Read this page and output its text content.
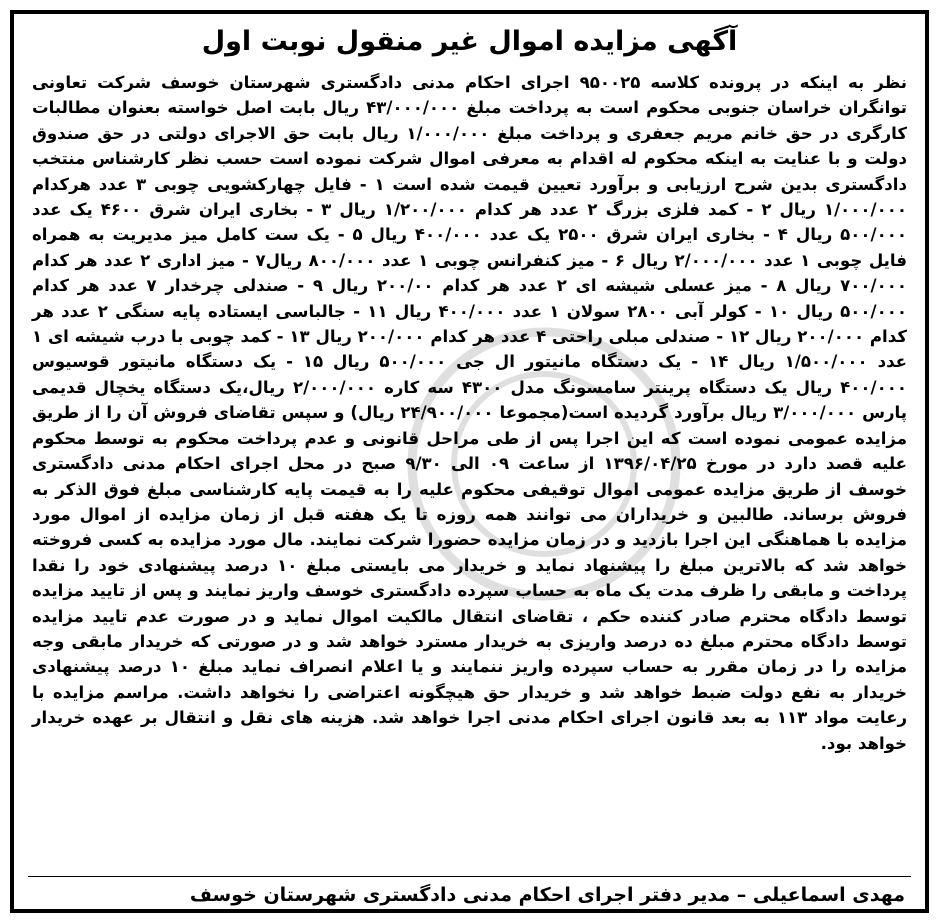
آگهی مزایده اموال غیر منقول نوبت اول
نظر به اینکه در پرونده کلاسه ۹۵۰۰۲۵ اجرای احکام مدنی دادگستری شهرستان خوسف شرکت تعاونی توانگران خراسان جنوبی محکوم است به پرداخت مبلغ ۴۳/۰۰۰/۰۰۰ ریال بابت اصل خواسته بعنوان مطالبات کارگری در حق خانم مریم جعفری و پرداخت مبلغ ۱/۰۰۰/۰۰۰ ریال بابت حق الاجرای دولتی در حق صندوق دولت و با عنایت به اینکه محکوم له اقدام به معرفی اموال شرکت نموده است حسب نظر کارشناس منتخب دادگستری بدین شرح ارزیابی و برآورد تعیین قیمت شده است ۱ - فایل چهارکشویی چوبی ۳ عدد هرکدام ۱/۰۰۰/۰۰۰ ریال ۲ - کمد فلزی بزرگ ۲ عدد هر کدام ۱/۲۰۰/۰۰۰ ریال ۳ - بخاری ایران شرق ۴۶۰۰ یک عدد ۵۰۰/۰۰۰ ریال ۴ - بخاری ایران شرق ۲۵۰۰ یک عدد ۴۰۰/۰۰۰ ریال ۵ - یک ست کامل میز مدیریت به همراه فایل چوبی ۱ عدد ۲/۰۰۰/۰۰۰ ریال ۶ - میز کنفرانس چوبی ۱ عدد ۸۰۰/۰۰۰ ریال۷ - میز اداری ۲ عدد هر کدام ۷۰۰/۰۰۰ ریال ۸ - میز عسلی شیشه ای ۲ عدد هر کدام ۲۰۰/۰۰ ریال ۹ - صندلی چرخدار ۷ عدد هر کدام ۵۰۰/۰۰۰ ریال ۱۰ - کولر آبی ۲۸۰۰ سولان ۱ عدد ۴۰۰/۰۰۰ ریال ۱۱ - جالباسی ایستاده پایه سنگی ۲ عدد هر کدام ۲۰۰/۰۰۰ ریال ۱۲ - صندلی مبلی راحتی ۴ عدد هر کدام ۲۰۰/۰۰۰ ریال ۱۳ - کمد چوبی با درب شیشه ای ۱ عدد ۱/۵۰۰/۰۰۰ ریال ۱۴ - یک دستگاه مانیتور ال جی ۵۰۰/۰۰۰ ریال ۱۵ - یک دستگاه مانیتور قوسیوس ۴۰۰/۰۰۰ ریال یک دستگاه پرینتر سامسونگ مدل ۴۳۰۰ سه کاره ۲/۰۰۰/۰۰۰ ریال،یک دستگاه یخچال قدیمی پارس ۳/۰۰۰/۰۰۰ ریال برآورد گردیده است(مجموعا ۲۴/۹۰۰/۰۰۰ ریال) و سپس تقاضای فروش آن را از طریق مزایده عمومی نموده است که این اجرا پس از طی مراحل قانونی و عدم پرداخت محکوم به توسط محکوم علیه قصد دارد در مورخ ۱۳۹۶/۰۴/۲۵ از ساعت ۰۹ الی ۹/۳۰ صبح در محل اجرای احکام مدنی دادگستری خوسف از طریق مزایده عمومی اموال توقیفی محکوم علیه را به قیمت پایه کارشناسی مبلغ فوق الذکر به فروش برساند. طالبین و خریداران می توانند همه روزه تا یک هفته قبل از زمان مزایده از اموال مورد مزایده با هماهنگی این اجرا بازدید و در زمان مزایده حضورا شرکت نمایند. مال مورد مزایده به کسی فروخته خواهد شد که بالاترین مبلغ را پیشنهاد نماید و خریدار می بایستی مبلغ ۱۰ درصد پیشنهادی خود را نقدا پرداخت و مابقی را ظرف مدت یک ماه به حساب سپرده دادگستری خوسف واریز نمایند و پس از تایید مزایده توسط دادگاه محترم صادر کننده حکم ، تقاضای انتقال مالکیت اموال نماید و در صورت عدم تایید مزایده توسط دادگاه محترم مبلغ ده درصد واریزی به خریدار مسترد خواهد شد و در صورتی که خریدار مابقی وجه مزایده را در زمان مقرر به حساب سپرده واریز ننمایند و یا اعلام انصراف نماید مبلغ ۱۰ درصد پیشنهادی خریدار به نفع دولت ضبط خواهد شد و خریدار حق هیچگونه اعتراضی را نخواهد داشت. مراسم مزایده با رعایت مواد ۱۱۳ به بعد قانون اجرای احکام مدنی اجرا خواهد شد. هزینه های نقل و انتقال بر عهده خریدار خواهد بود.
مهدی اسماعیلی – مدیر دفتر اجرای احکام مدنی دادگستری شهرستان خوسف
